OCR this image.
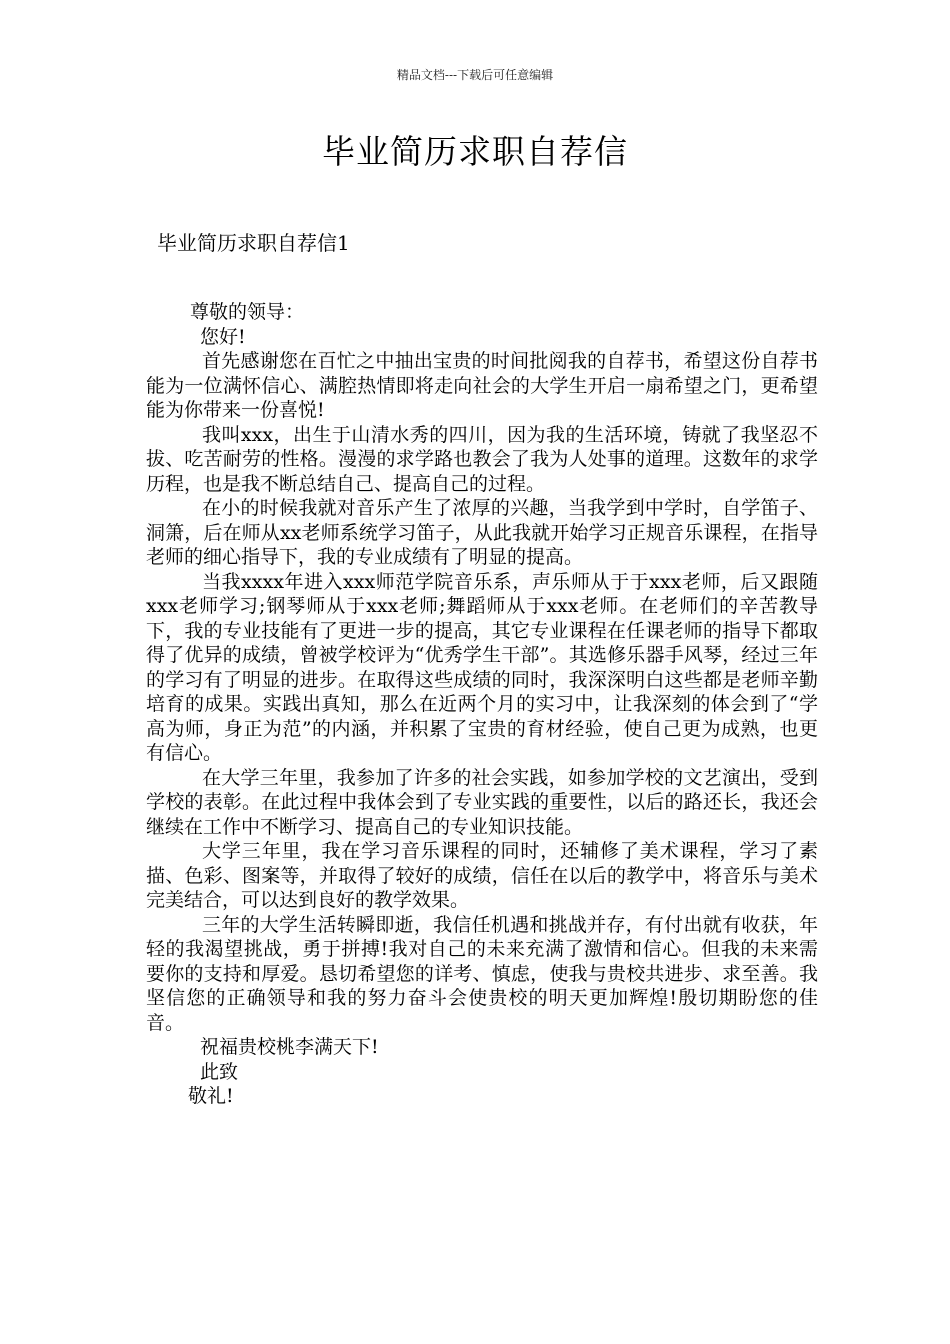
精品文档---下载后可任意编辑
毕业简历求职自荐信
毕业简历求职自荐信1

尊敬的领导：

您好!

首先感谢您在百忙之中抽出宝贵的时间批阅我的自荐书，希望这份自荐书能为一位满怀信心、满腔热情即将走向社会的大学生开启一扇希望之门，更希望能为你带来一份喜悦!

我叫xxx，出生于山清水秀的四川，因为我的生活环境，铸就了我坚忍不拔、吃苦耐劳的性格。漫漫的求学路也教会了我为人处事的道理。这数年的求学历程，也是我不断总结自己、提高自己的过程。

在小的时候我就对音乐产生了浓厚的兴趣，当我学到中学时，自学笛子、洞箫，后在师从xx老师系统学习笛子，从此我就开始学习正规音乐课程，在指导老师的细心指导下，我的专业成绩有了明显的提高。

当我xxxx年进入xxx师范学院音乐系，声乐师从于于xxx老师，后又跟随xxx老师学习;钢琴师从于xxx老师;舞蹈师从于xxx老师。在老师们的辛苦教导下，我的专业技能有了更进一步的提高，其它专业课程在任课老师的指导下都取得了优异的成绩，曾被学校评为“优秀学生干部”。其选修乐器手风琴，经过三年的学习有了明显的进步。在取得这些成绩的同时，我深深明白这些都是老师辛勤培育的成果。实践出真知，那么在近两个月的实习中，让我深刻的体会到了“学高为师，身正为范”的内涵，并积累了宝贵的育材经验，使自己更为成熟，也更有信心。

在大学三年里，我参加了许多的社会实践，如参加学校的文艺演出，受到学校的表彰。在此过程中我体会到了专业实践的重要性，以后的路还长，我还会继续在工作中不断学习、提高自己的专业知识技能。

大学三年里，我在学习音乐课程的同时，还辅修了美术课程，学习了素描、色彩、图案等，并取得了较好的成绩，信任在以后的教学中，将音乐与美术完美结合，可以达到良好的教学效果。

三年的大学生活转瞬即逝，我信任机遇和挑战并存，有付出就有收获，年轻的我渴望挑战，勇于拼搏!我对自己的未来充满了激情和信心。但我的未来需要你的支持和厚爱。恳切希望您的详考、慎虑，使我与贵校共进步、求至善。我坚信您的正确领导和我的努力奋斗会使贵校的明天更加辉煌!殷切期盼您的佳音。

祝福贵校桃李满天下!

此致

敬礼!
